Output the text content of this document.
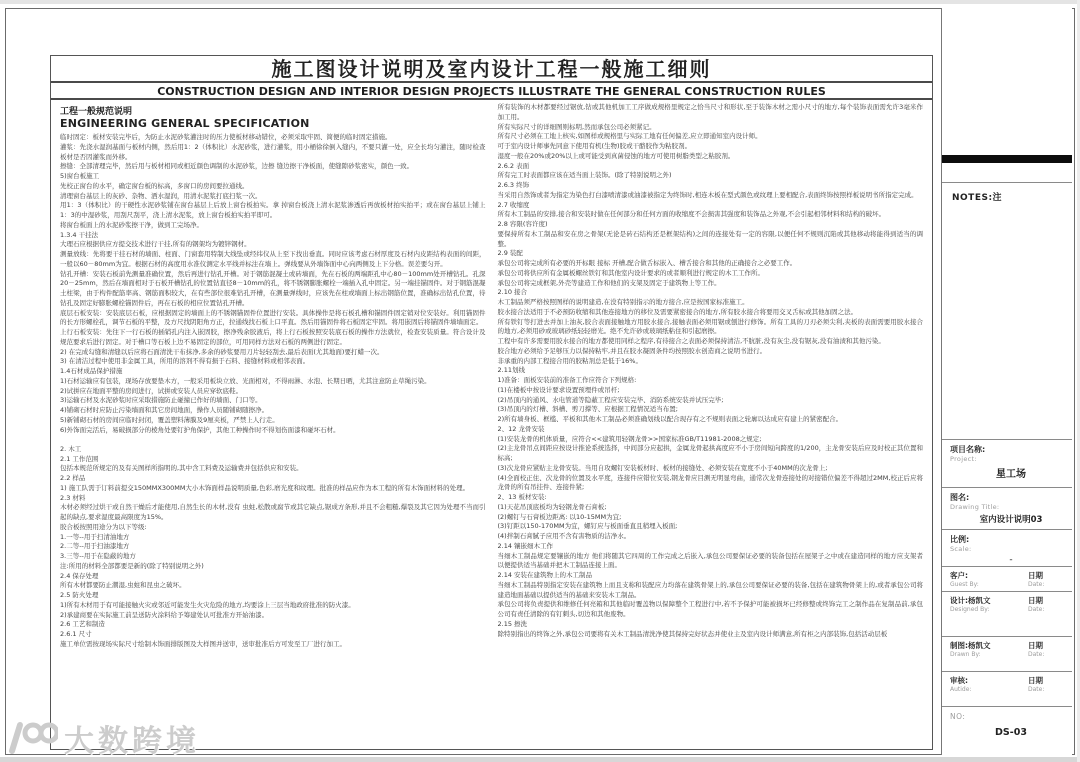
施工图设计说明及室内设计工程一般施工细则
CONSTRUCTION DESIGN AND INTERIOR DESIGN PROJECTS ILLUSTRATE THE GENERAL CONSTRUCTION RULES
工程一般规范说明
ENGINEERING GENERAL SPECIFICATION

临时固定：板材安装完毕后，为防止水泥砂浆灌注时的压力使板材移动错位，必须采取牢固、简便的临时固定措施。

灌浆：先浇水湿润基面与板材内侧，然后用1：2（体积比）水泥砂浆，进行灌浆，用小桶徐徐倒入缝内，不要只灌一处，应全长均匀灌注，随时检查板材是否因灌浆而外移。

擦缝：全部清理完毕，然后用与板材相同或相近颜色调制的水泥砂浆，边擦 缝边擦干净板面，使缝隙砂浆密实，颜色一致。

5)窗台板施工

先校正窗台的水平，确定窗台板的标高，多窗口的房间要拉通线。

清理窗台基层上的灰砂、杂物、洒水湿润，用清水泥浆打底扫浆一次。

用1：3（体积比）的干硬性水泥砂浆铺在窗台基层上后放上窗台板拍实。拿 掉窗台板浇上清水泥浆渗透后再放板材拍实拍平；或在窗台基层上铺上1：3的中湿砂浆，用刮尺刮平，浇上清水泥浆，放上窗台板拍实拍平即可。

将窗台板面上的水泥砂浆擦干净，做到工完场净。

1.3.4 干挂法

大理石应根据供应方提交技术进行干挂,所有的钢架均为镀锌钢材。

测量放线：先将要干挂石材的墙面、柱面、门窗套用特制大线坠或经纬仪从上至下找出垂直。同时应该考虑石材厚度及石材内皮距结构表面的间距，一般以60－80mm为宜。根据石材的高度用水准仪测定水平线并标注在墙上。弹线要从外墙饰面中心向两侧及上下分格。误差要匀开。

钻孔开槽：安装石板前先测量准确位置，然后再进行钻孔开槽。对于钢筋混凝土或砖墙面，先在石板的两端距孔中心80－100mm处开槽钻孔。孔深20－25mm，然后在墙面相对于石板开槽钻孔的位置钻直径8－10mm的孔，将不锈钢膨胀螺栓一端插入孔中固定。另一端挂锚固件。对于钢筋混凝土柱梁，由于构件配筋率高、钢筋面积较大，在有些部位很难钻孔开槽，在测量弹线时，应该先在柱或墙面上标出钢筋位置，准确标出钻孔位置，待钻孔及固定好膨胀螺栓锚固件后，再在石板的相应位置钻孔开槽。

底层石板安装：安装底层石板，应根据固定的墙面上的不锈钢锚固件位置进行安装。具体操作是将石板孔槽和锚固件固定销对位安装好。利用锚固件的长方形螺栓孔，调节石板的平整，及方尺找阴阳角方正，拉通线找石板上口平直。然后用锚固件将石板固定牢固。将用嵌固后将锚固件墙墙面定。

上行石板安装：先往下一行石板的插销孔内注入嵌固胶，擦净残余胶液后，将上行石板按照安装底石板的操作方法就位，检查安装质量。符合设计及规范要求后进行固定。对于槽口等石板上边不易固定的部位，可用同样方法对石板的两侧进行固定。

2) 在完成勾缝和清缝以后应将石面清洗干布抹净,多余的砂浆要用刀片轻轻刮去,最后表面(尤其地面)要打蜡一次。

3) 在清洁过程中使用非金属工具，所用的溶剂不得有损于石料、接缝材料或相邻表面。

1.4石材成品保护措施

1)石材运输应有包装，现场存放要垫木方，一般采用板块立放、光面相对，不得雨淋、水泡、长期日晒，尤其注意防止草绳污染。

2)试拼应在地面平整的房间进行，试拼或安装人员应穿软底鞋。

3)运输石材及水泥砂浆时应采取措施防止碰撞已作好的墙面、门口等。

4)铺砌石材时应防止污染墙面和其它房间地面，操作人员随铺砌随擦净。

5)新铺砌石材的房间应临时封闭，覆盖塑料薄膜及9厘夹板，严禁上人行走。

6)外饰面完活后，易破损部分的棱角处要钉护角保护，其他工种操作时不得划伤面漆和碰坏石材。

2. 木工

2.1 工作范围

包括本规范所规定的及有关图样所指明的,其中含工料费及运输费并包括供应和安装。

2.2 样品

1) 施工队需于订料前提交150MMX300MM大小木饰面样品说明质量,色彩,磨光度和纹理。批准的样品应作为本工程的所有木饰面材料的处理。

2.3 材料

木材必须经过烘干或自然干燥后才能使用,自然生长的木材,没有 虫蛀,松散或腐节或其它缺点,锯成方条形,并且不会粗糙,爆裂及其它因为处理不当而引起的缺点,要求湿度最高限度为15%。

胶合板按照用途分为以下等级:

1.一等--用于扫清油地方

2.二等--用于扫油漆地方

3.三等--用于在隐蔽的地方

注:所用的材料全部都要是新的(除了特别说明之外)

2.4 保存处理

所有木材都要防止潮湿,虫蛀和昆虫之破坏。

2.5 防火处理

1)所有木材用于有可能接触火灾或邻近可能发生火灾危险的地方,均要涂上三层当地政府批准的防火漆。

2)承建商要在实际施工前呈送防火涂料给予筹建处认可批准方开始油漆。

2.6 工艺和制造

2.6.1 尺寸

施工单位需按现场实际尺寸绘制木饰面排版图及大样图并送审，送审批准后方可发至工厂进行加工。

所有装饰的木材都要经过锯放,钻或其他机加工工序做成规格里规定之恰当尺寸和形状,至于装饰木材之需小尺寸的地方,每个装饰表面需允许3毫米作加工用。

所有实际尺寸的详细图则标明,然而承包公司必须紧记。

所有尺寸必须在工地上核实,如图样或规格里与实际工地有任何偏差,应立即通知室内设计师。

可于室内设计师事先同意下使用有机(生物)胶或干酪胶作为粘胶剂。

湿度一般在20%或20%以上或可能受到真菌侵蚀的地方可使用树脂类型之粘胶剂。

2.6.2 表面

所有完工时表面都应该在适当面上装饰。(除了特别说明之外)

2.6.3 终饰

当采用自然饰或者为指定为染色打白漆喷清漆或油漆被指定为终饰时,相连木板在型式颜色或纹理上要相配合,表面终饰按照样板说明书所指定完成。

2.7 收缩度

所有木工制品的安排,接合和安装时做在任何部分和任何方面的收缩度不会损害其强度和装饰品之外观,不会引起相邻材料和结构的破坏。

2.8 容限(容许度)

要保持所有木工制品和安在房之骨架(无论是砖石结构还是框架结构)之间的连接处有一定的容限,以便任何不规则沉陷或其他移动将能得到适当的调整。

2.9 装配

承包公司将完成所有必要的开标眼 接标 开槽,配合做舌标嵌入、槽舌接合和其他的正确接合之必要工作。

承包公司将供应所有金属板螺丝铁钉和其他室内设计要求的或者顺利进行规定的木工工作所。

承包公司将完成框架,外壳等建造工作和他们的支架及固定于建筑物上等工作。

2.10 接合

木工制品须严格按照图样的说明建造,在没有特别指示的地方接合,应是按国家标准施工。

胶水接合法适用于不必预防收缩和其他连接地方的移位及需要紧密接合的地方,所有胶水接合将要用交叉舌标或其他加固之法。

所有铁钉等打进去并加上油灰,胶合表面接触地方用胶水接合,接触表面必须用锯或刨进行修饰。所有工具的刀刃必须尖利,夹板的表面需要用胶水接合的地方,必须用砂或玻璃砂纸轻轻磨光。绝不允许砂或玻璃纸粘住和引起磨擦。

工程中有许多需要用胶水接合的地方都使用同样之程序,有待接合之表面必须保持清洁,不肮脏,没有灰尘,没有锯灰,没有油渍和其他污染。

胶合地方必须给予足够压力以保持粘牢,并且在胶水凝固条件均按照胶水创造商之说明书进行。

非承重的内部工程接合用的胶粘剂总是低于16%。

2.11划线

1)准备：面板安装前的准备工作应符合下列规格:

(1)在楼板中按设计要求设置预埋件或吊杆;

(2)吊顶内的通风、水电管道等隐蔽工程应安装完毕、消防系统安装并试压完毕;

(3)吊顶内的灯槽、斜槽、剪刀撑等、应根据工程情况适当布置;

2)所有墙身板、框槛、平板和其他木工制品必须准确划线以配合现存有之不规则表面之轮廓以达成应有建上的紧密配合。

2、12 龙骨安装

(1)安装龙骨的机体质量，应符合<<建筑用轻钢龙骨>>国家标准GB/T11981-2008之规定;

(2)主龙骨吊点间距应按设计推论系统选择，中间部分应起拱，金属龙骨起拱高度应不小于房间短向跨度的1/200，主龙骨安装后应及时校正其位置和标高;

(3)次龙骨应紧贴主龙骨安装。当用自攻螺钉安装板材时、板材的接缝处、必须安装在宽度不小于40MM的次龙骨上;

(4)全面校正住、次龙骨的位置及水平度，连接件应错位安装,钢龙骨应目测无明显弯曲，通常次龙骨连接处的对接错位偏差不得超过2MM,校正后应将龙骨的所有吊挂件、连接件紧;

2、13 板材安装:

(1)天花吊顶底板均为轻钢龙骨石膏板;

(2)螺钉与石膏板边距离: 以10-15MM为宜;

(3)钉距以150-170MM为宜，螺钉应与板面垂直且稍埋入板面;

(4)拌制石膏腻子应用不含有害物质的洁净水。

2.14 镶嵌细木工作

当细木工制品规定要镶嵌的地方 他们将随其它四周的工作完成之后嵌入,承包公司要保证必要的装备包括在屋架子之中或在建造同样的地方应支架者以便提供适当基础并把木工制品连接上面。

2.14 安装在建筑物上的木工制品

当细木工制品特别指定安装在建筑物上而且支称和装配应力均落在建筑骨架上的,承包公司要保证必要的装备,包括在建筑物骨架上的,或者承包公司将建造地面基础以提供适当的基础来安装木工制品。

承包公司将负责提供和维修任何亮箱和其他临时覆盖物以保障整个工程进行中,若不予保护可能被损坏已经修整或终饰完工之制作品在复制品前,承包公司有责任清除的有钉刺头,切边和其他废物。

2.15 擦洗

除特别指出的终饰之外,承包公司要将有关木工制品清洗净使其保持完好状态并使业主及室内设计师满意,所有柜之内部装饰,包括活动层板

NOTES:注
项目名称:
Project:
星工场
图名:
Drawing Title:
室内设计说明03
比例:
Scale:
-
客户:
Guest By:
日期
Date:
设计:杨凯文
Designed By:
日期
Date:
制图:杨凯文
Drawn By:
日期
Date:
审核:
Autide:
日期
Date:
NO:
DS-03
大数跨境
